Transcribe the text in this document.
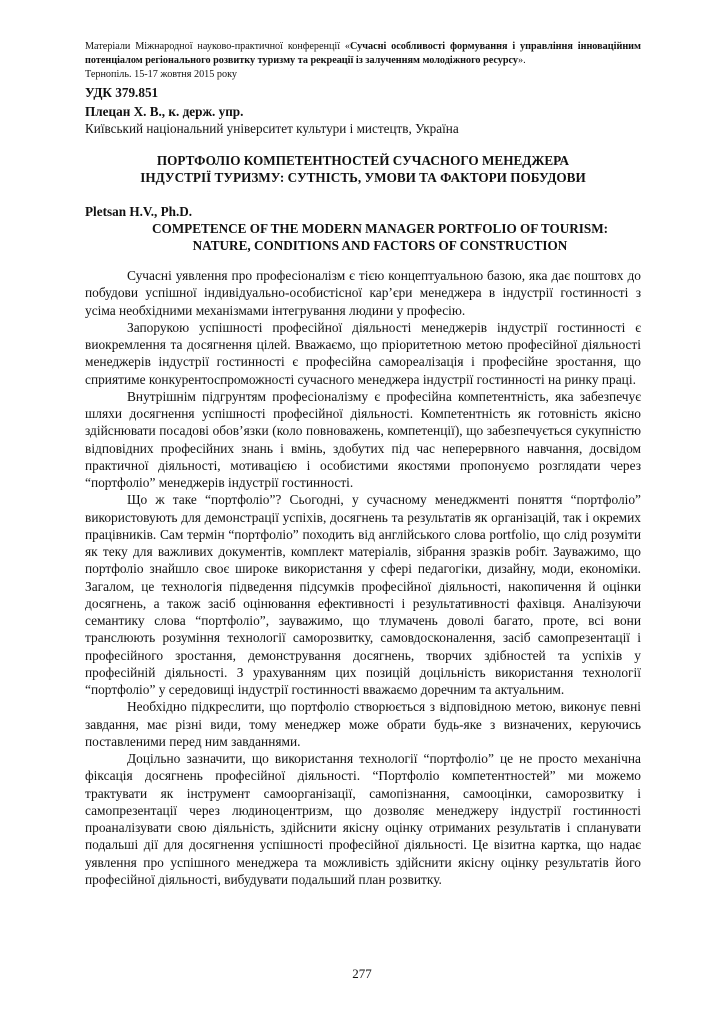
Матеріали Міжнародної науково-практичної конференції «Сучасні особливості формування і управління інноваційним потенціалом регіонального розвитку туризму та рекреації із залученням молодіжного ресурсу».
Тернопіль. 15-17 жовтня 2015 року
УДК 379.851
Плецан Х. В., к. держ. упр.
Київський національний університет культури і мистецтв, Україна
ПОРТФОЛІО КОМПЕТЕНТНОСТЕЙ СУЧАСНОГО МЕНЕДЖЕРА
ІНДУСТРІЇ ТУРИЗМУ: СУТНІСТЬ, УМОВИ ТА ФАКТОРИ ПОБУДОВИ
Pletsan H.V., Ph.D.
COMPETENCE OF THE MODERN MANAGER PORTFOLIO OF TOURISM:
NATURE, CONDITIONS AND FACTORS OF CONSTRUCTION

Сучасні уявлення про професіоналізм є тією концептуальною базою, яка дає поштовх до побудови успішної індивідуально-особистісної кар’єри менеджера в індустрії гостинності з усіма необхідними механізмами інтегрування людини у професію.

Запорукою успішності професійної діяльності менеджерів індустрії гостинності є виокремлення та досягнення цілей. Вважаємо, що пріоритетною метою професійної діяльності менеджерів індустрії гостинності є професійна самореалізація і професійне зростання, що сприятиме конкурентоспроможності сучасного менеджера індустрії гостинності на ринку праці.

Внутрішнім підгрунтям професіоналізму є професійна компетентність, яка забезпечує шляхи досягнення успішності професійної діяльності. Компетентність як готовність якісно здійснювати посадові обов’язки (коло повноважень, компетенції), що забезпечується сукупністю відповідних професійних знань і вмінь, здобутих під час неперервного навчання, досвідом практичної діяльності, мотивацією і особистими якостями пропонуємо розглядати через “портфоліо” менеджерів індустрії гостинності.

Що ж таке “портфоліо”? Сьогодні, у сучасному менеджменті поняття “портфоліо” використовують для демонстрації успіхів, досягнень та результатів як організацій, так і окремих працівників. Сам термін “портфоліо” походить від англійського слова portfolio, що слід розуміти як теку для важливих документів, комплект матеріалів, зібрання зразків робіт. Зауважимо, що портфоліо знайшло своє широке використання у сфері педагогіки, дизайну, моди, економіки. Загалом, це технологія підведення підсумків професійної діяльності, накопичення й оцінки досягнень, а також засіб оцінювання ефективності і результативності фахівця. Аналізуючи семантику слова “портфоліо”, зауважимо, що тлумачень доволі багато, проте, всі вони транслюють розуміння технології саморозвитку, самовдосконалення, засіб самопрезентації і професійного зростання, демонстрування досягнень, творчих здібностей та успіхів у професійній діяльності. З урахуванням цих позицій доцільність використання технології “портфоліо” у середовищі індустрії гостинності вважаємо доречним та актуальним.

Необхідно підкреслити, що портфоліо створюється з відповідною метою, виконує певні завдання, має різні види, тому менеджер може обрати будь-яке з визначених, керуючись поставленими перед ним завданнями.

Доцільно зазначити, що використання технології “портфоліо” це не просто механічна фіксація досягнень професійної діяльності. “Портфоліо компетентностей” ми можемо трактувати як інструмент самоорганізації, самопізнання, самооцінки, саморозвитку і самопрезентації через людиноцентризм, що дозволяє менеджеру індустрії гостинності проаналізувати свою діяльність, здійснити якісну оцінку отриманих результатів і спланувати подальші дії для досягнення успішності професійної діяльності. Це візитна картка, що надає уявлення про успішного менеджера та можливість здійснити якісну оцінку результатів його професійної діяльності, вибудувати подальший план розвитку.

277
